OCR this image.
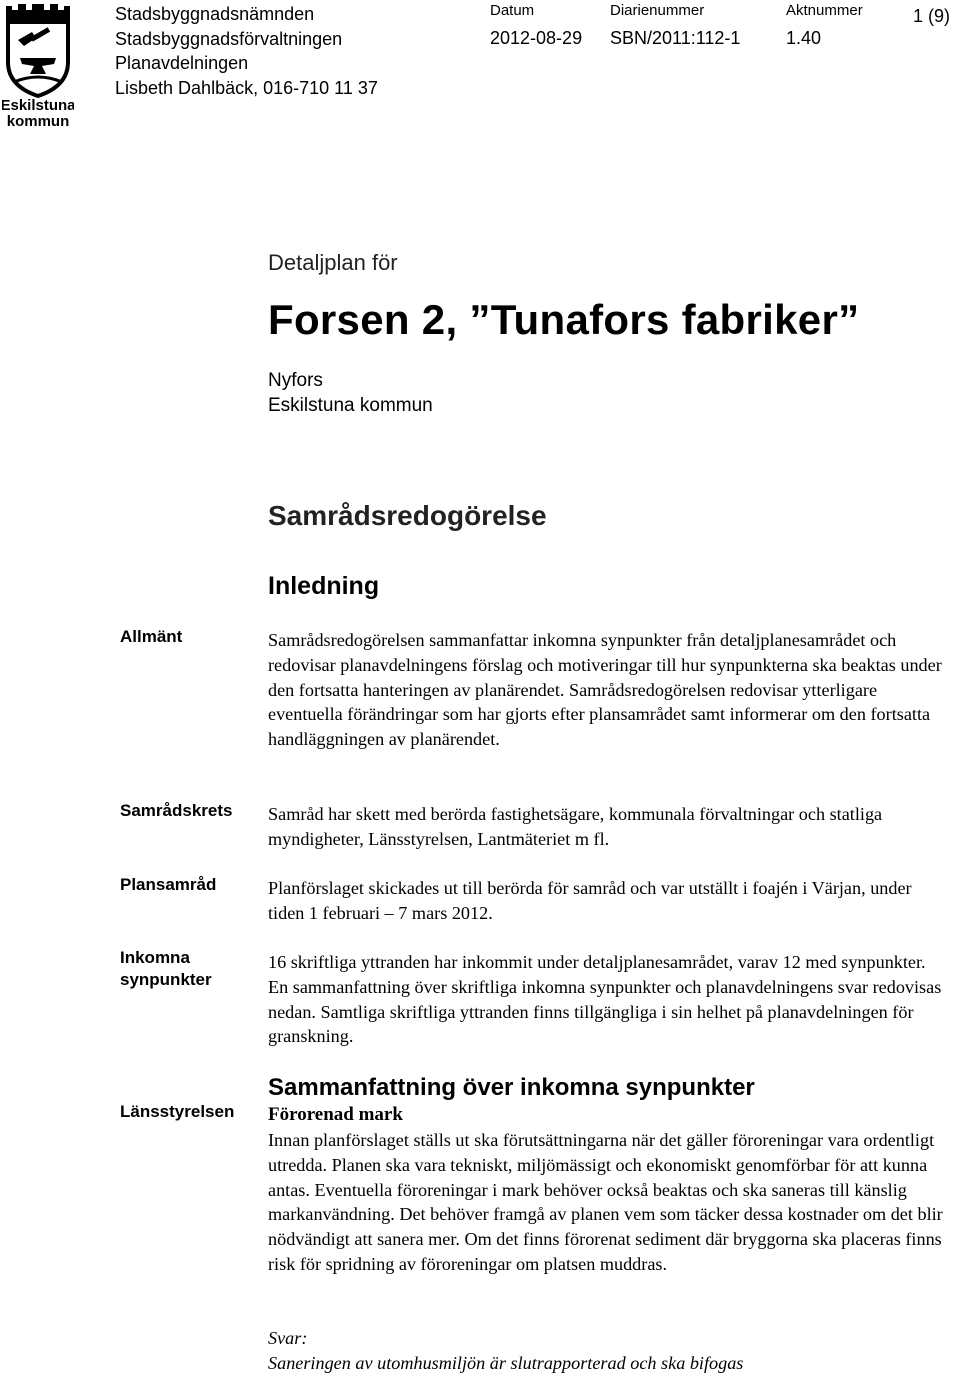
Eskilstuna
kommun
Stadsbyggnadsnämnden
Stadsbyggnadsförvaltningen
Planavdelningen
Lisbeth Dahlbäck, 016-710 11 37
Datum
2012-08-29
Diarienummer
SBN/2011:112-1
Aktnummer
1.40
1 (9)
Detaljplan för
Forsen 2, ”Tunafors fabriker”
Nyfors
Eskilstuna kommun
Samrådsredogörelse
Inledning
Allmänt
Samrådskrets
Plansamråd
Inkomna synpunkter
Länsstyrelsen
Samrådsredogörelsen sammanfattar inkomna synpunkter från detaljplanesamrådet och redovisar planavdelningens förslag och motiveringar till hur synpunkterna ska beaktas under den fortsatta hanteringen av planärendet. Samrådsredogörelsen redovisar ytterligare eventuella förändringar som har gjorts efter plansamrådet samt informerar om den fortsatta handläggningen av planärendet.
Samråd har skett med berörda fastighetsägare, kommunala förvaltningar och statliga myndigheter, Länsstyrelsen, Lantmäteriet m fl.
Planförslaget skickades ut till berörda för samråd och var utställt i foajén i Värjan, under tiden 1 februari – 7 mars 2012.
16 skriftliga yttranden har inkommit under detaljplanesamrådet, varav 12 med synpunkter. En sammanfattning över skriftliga inkomna synpunkter och planavdelningens svar redovisas nedan. Samtliga skriftliga yttranden finns tillgängliga i sin helhet på planavdelningen för granskning.
Sammanfattning över inkomna synpunkter
Förorenad mark
Innan planförslaget ställs ut ska förutsättningarna när det gäller föroreningar vara ordentligt utredda. Planen ska vara tekniskt, miljömässigt och ekonomiskt genomförbar för att kunna antas. Eventuella föroreningar i mark behöver också beaktas och ska saneras till känslig markanvändning. Det behöver framgå av planen vem som täcker dessa kostnader om det blir nödvändigt att sanera mer. Om det finns förorenat sediment där bryggorna ska placeras finns risk för spridning av föroreningar om platsen muddras.
Svar:
Saneringen av utomhusmiljön är slutrapporterad och ska bifogas
